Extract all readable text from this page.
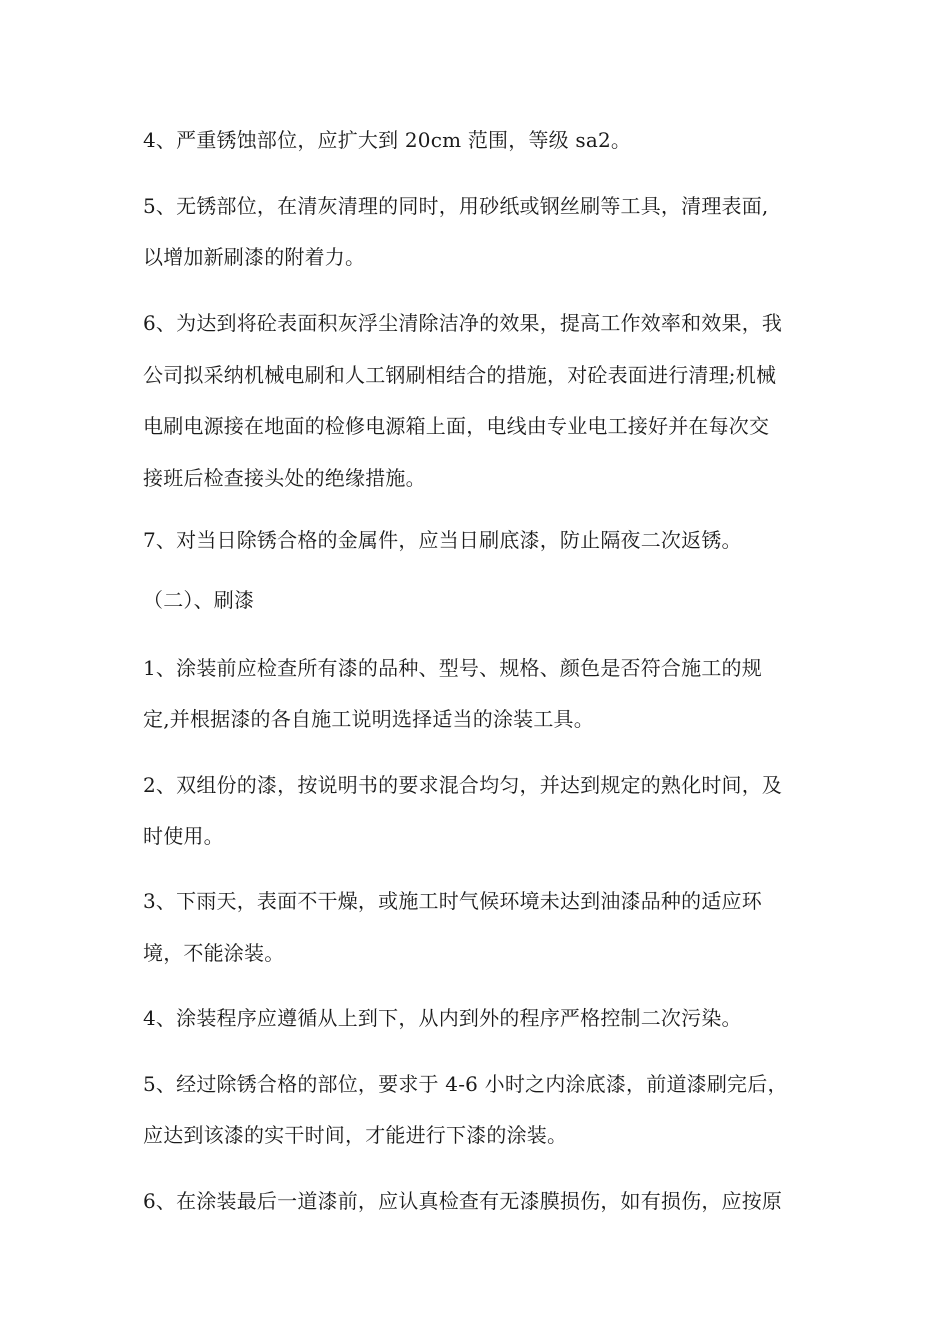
4、严重锈蚀部位，应扩大到 20cm 范围，等级 sa2。
5、无锈部位，在清灰清理的同时，用砂纸或钢丝刷等工具，清理表面,
以增加新刷漆的附着力。
6、为达到将砼表面积灰浮尘清除洁净的效果，提高工作效率和效果，我
公司拟采纳机械电刷和人工钢刷相结合的措施，对砼表面进行清理;机械
电刷电源接在地面的检修电源箱上面，电线由专业电工接好并在每次交
接班后检查接头处的绝缘措施。
7、对当日除锈合格的金属件，应当日刷底漆，防止隔夜二次返锈。
（二）、刷漆
1、涂装前应检查所有漆的品种、型号、规格、颜色是否符合施工的规
定,并根据漆的各自施工说明选择适当的涂装工具。
2、双组份的漆，按说明书的要求混合均匀，并达到规定的熟化时间，及
时使用。
3、下雨天，表面不干燥，或施工时气候环境未达到油漆品种的适应环
境，不能涂装。
4、涂装程序应遵循从上到下，从内到外的程序严格控制二次污染。
5、经过除锈合格的部位，要求于 4-6 小时之内涂底漆，前道漆刷完后，
应达到该漆的实干时间，才能进行下漆的涂装。
6、在涂装最后一道漆前，应认真检查有无漆膜损伤，如有损伤，应按原
